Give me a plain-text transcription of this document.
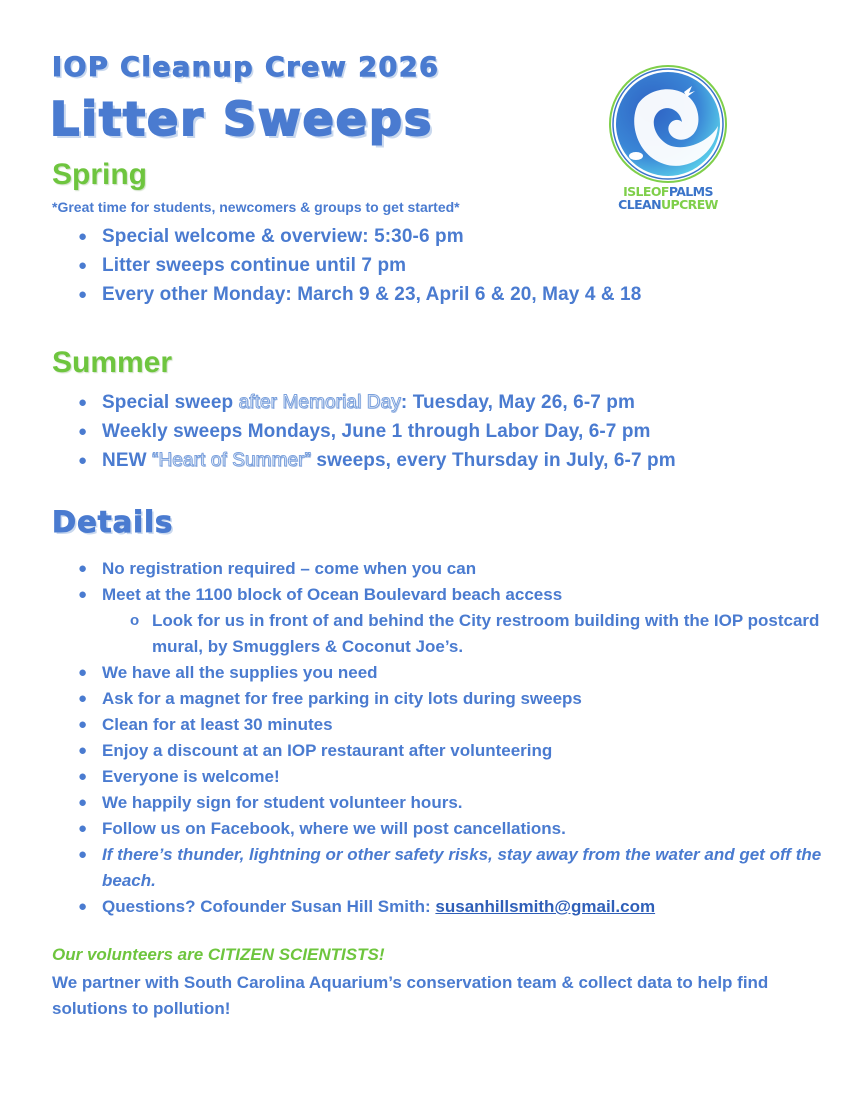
IOP Cleanup Crew 2026
Litter Sweeps
ISLEOFPALMS
CLEANUPCREW
Spring
*Great time for students, newcomers & groups to get started*
● Special welcome & overview: 5:30-6 pm
● Litter sweeps continue until 7 pm
● Every other Monday: March 9 & 23, April 6 & 20, May 4 & 18
Summer
● Special sweep after Memorial Day: Tuesday, May 26, 6-7 pm
● Weekly sweeps Mondays, June 1 through Labor Day, 6-7 pm
● NEW “Heart of Summer” sweeps, every Thursday in July, 6-7 pm
Details
● No registration required – come when you can
● Meet at the 1100 block of Ocean Boulevard beach access
o Look for us in front of and behind the City restroom building with the IOP postcard mural, by Smugglers & Coconut Joe’s.
● We have all the supplies you need
● Ask for a magnet for free parking in city lots during sweeps
● Clean for at least 30 minutes
● Enjoy a discount at an IOP restaurant after volunteering
● Everyone is welcome!
● We happily sign for student volunteer hours.
● Follow us on Facebook, where we will post cancellations.
● If there’s thunder, lightning or other safety risks, stay away from the water and get off the beach.
● Questions? Cofounder Susan Hill Smith: susanhillsmith@gmail.com
Our volunteers are CITIZEN SCIENTISTS!
We partner with South Carolina Aquarium’s conservation team & collect data to help find solutions to pollution!
